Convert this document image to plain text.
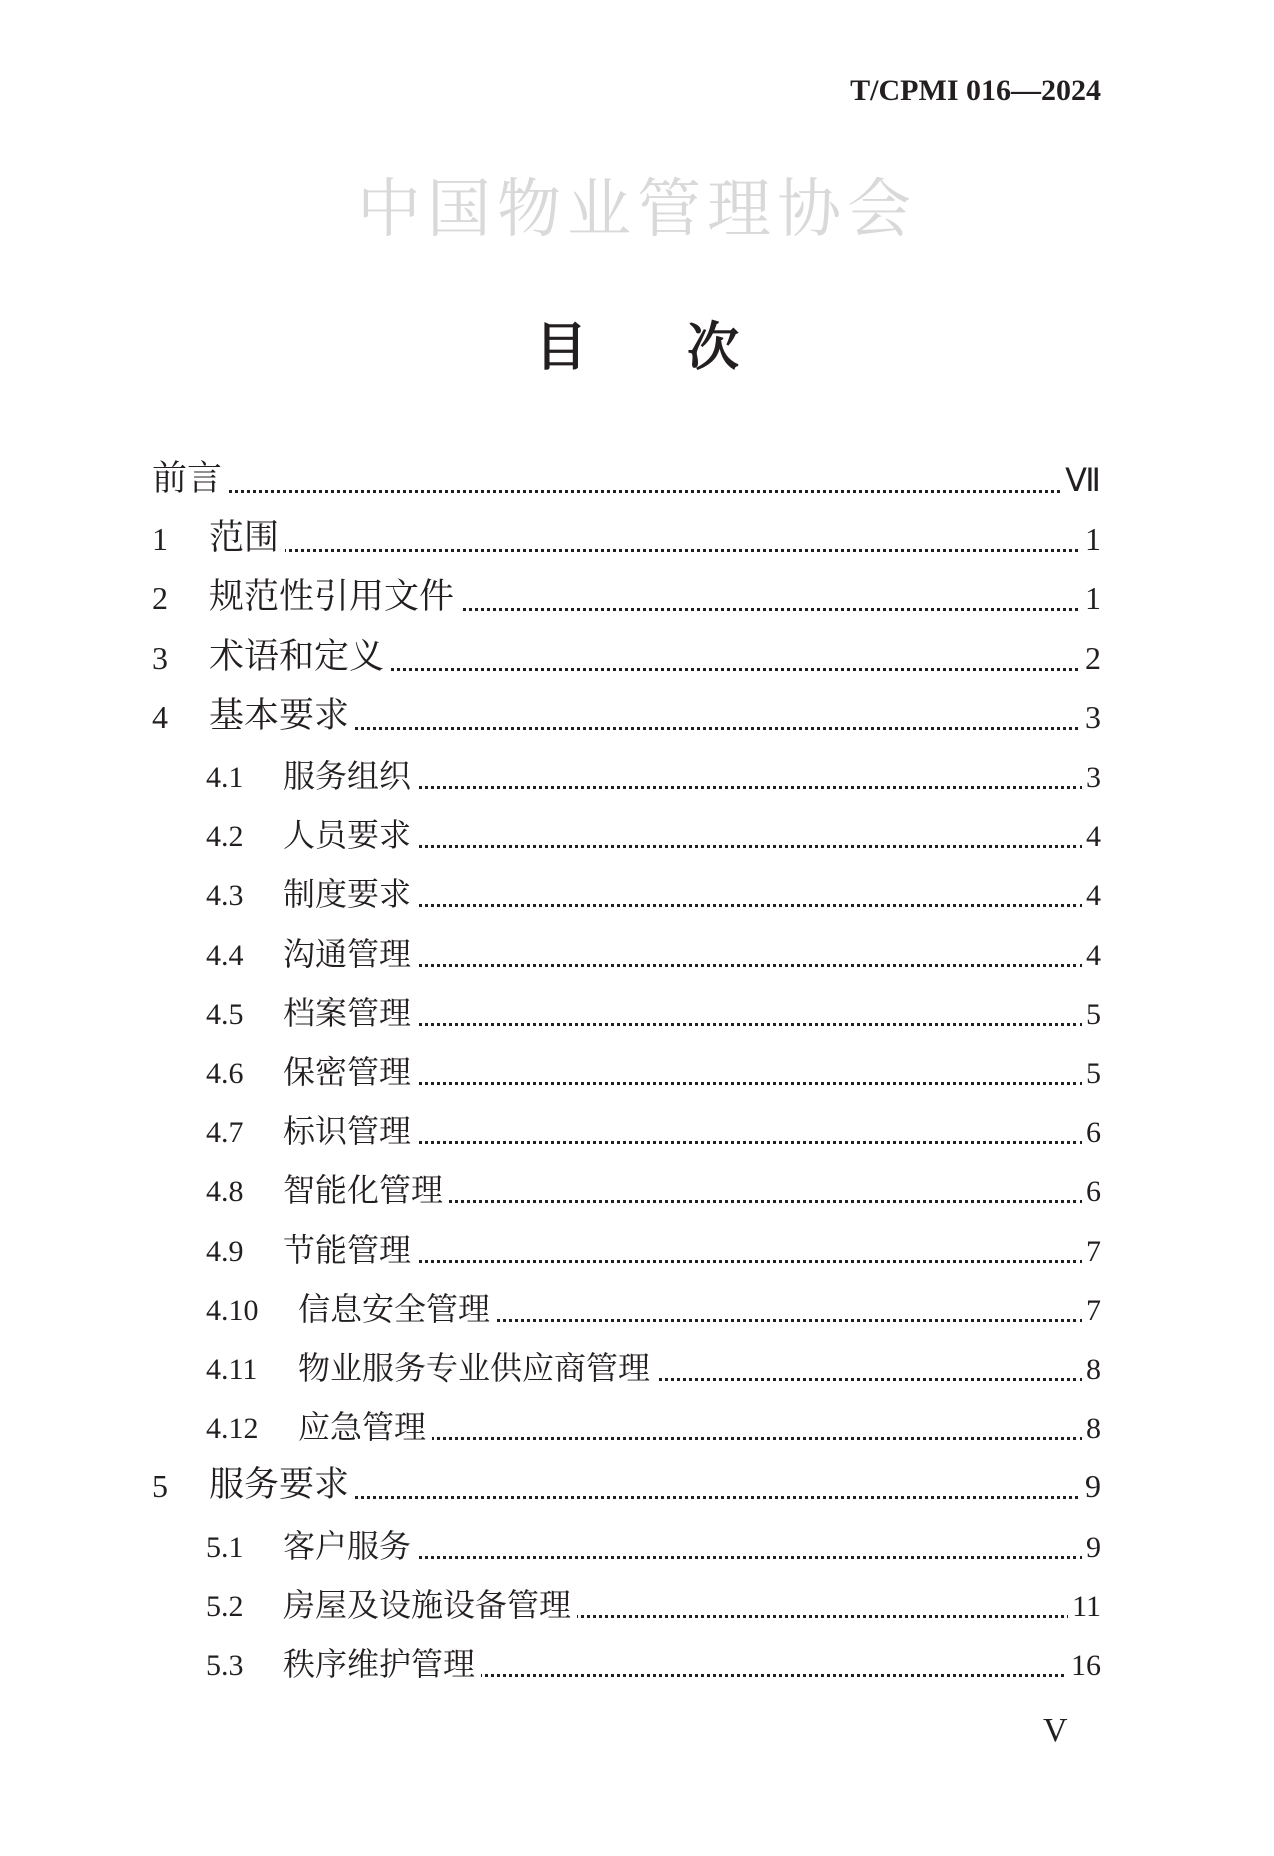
T/CPMI 016—2024
中国物业管理协会
目 次
前言	Ⅶ
1 范围	1
2 规范性引用文件	1
3 术语和定义	2
4 基本要求	3
4.1 服务组织	3
4.2 人员要求	4
4.3 制度要求	4
4.4 沟通管理	4
4.5 档案管理	5
4.6 保密管理	5
4.7 标识管理	6
4.8 智能化管理	6
4.9 节能管理	7
4.10 信息安全管理	7
4.11 物业服务专业供应商管理	8
4.12 应急管理	8
5 服务要求	9
5.1 客户服务	9
5.2 房屋及设施设备管理	11
5.3 秩序维护管理	16
V
